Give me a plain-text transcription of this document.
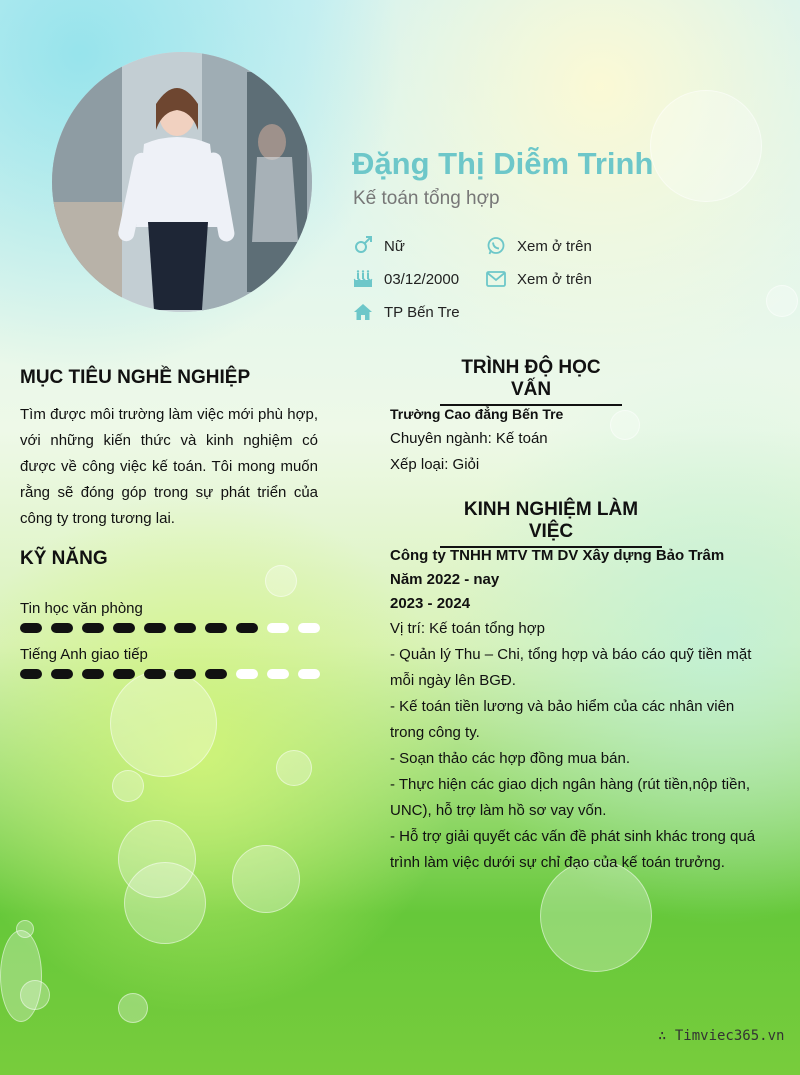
Đặng Thị Diễm Trinh
Kế toán tổng hợp
Nữ	Xem ở trên
03/12/2000	Xem ở trên
TP Bến Tre
MỤC TIÊU NGHỀ NGHIỆP
Tìm được môi trường làm việc mới phù hợp, với những kiến thức và kinh nghiệm có được về công việc kế toán. Tôi mong muốn rằng sẽ đóng góp trong sự phát triển của công ty trong tương lai.
KỸ NĂNG
Tin học văn phòng
Tiếng Anh giao tiếp
TRÌNH ĐỘ HỌC VẤN
Trường Cao đẳng Bến Tre
Chuyên ngành: Kế toán
Xếp loại: Giỏi
KINH NGHIỆM LÀM VIỆC
Công ty TNHH MTV TM DV Xây dựng Bảo Trâm
Năm 2022 - nay
2023 - 2024
Vị trí: Kế toán tổng hợp
- Quản lý Thu – Chi, tổng hợp và báo cáo quỹ tiền mặt mỗi ngày lên BGĐ.
- Kế toán tiền lương và bảo hiểm của các nhân viên trong công ty.
- Soạn thảo các hợp đồng mua bán.
- Thực hiện các giao dịch ngân hàng (rút tiền,nộp tiền, UNC), hỗ trợ làm hồ sơ vay vốn.
- Hỗ trợ giải quyết các vấn đề phát sinh khác trong quá trình làm việc dưới sự chỉ đạo của kế toán trưởng.
∴ Timviec365.vn
